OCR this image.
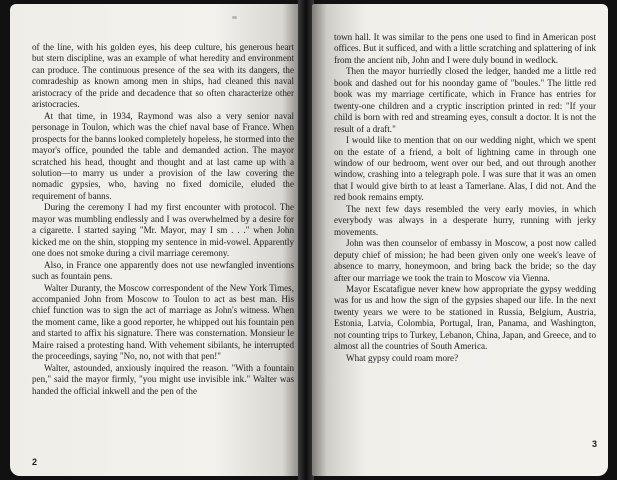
of the line, with his golden eyes, his deep culture, his generous heart but stern discipline, was an example of what heredity and environment can produce. The continuous presence of the sea with its dangers, the comradeship as known among men in ships, had cleaned this naval aristocracy of the pride and decadence that so often characterize other aristocracies.

At that time, in 1934, Raymond was also a very senior naval personage in Toulon, which was the chief naval base of France. When prospects for the banns looked completely hopeless, he stormed into the mayor's office, pounded the table and demanded action. The mayor scratched his head, thought and thought and at last came up with a solution—to marry us under a provision of the law covering the nomadic gypsies, who, having no fixed domicile, eluded the requirement of banns.

During the ceremony I had my first encounter with protocol. The mayor was mumbling endlessly and I was overwhelmed by a desire for a cigarette. I started saying "Mr. Mayor, may I sm . . ." when John kicked me on the shin, stopping my sentence in mid-vowel. Apparently one does not smoke during a civil marriage ceremony.

Also, in France one apparently does not use newfangled inventions such as fountain pens.

Walter Duranty, the Moscow correspondent of the New York Times, accompanied John from Moscow to Toulon to act as best man. His chief function was to sign the act of marriage as John's witness. When the moment came, like a good reporter, he whipped out his fountain pen and started to affix his signature. There was consternation. Monsieur le Maire raised a protesting hand. With vehement sibilants, he interrupted the proceedings, saying "No, no, not with that pen!"

Walter, astounded, anxiously inquired the reason. "With a fountain pen," said the mayor firmly, "you might use invisible ink." Walter was handed the official inkwell and the pen of the

2

town hall. It was similar to the pens one used to find in American post offices. But it sufficed, and with a little scratching and splattering of ink from the ancient nib, John and I were duly bound in wedlock.

Then the mayor hurriedly closed the ledger, handed me a little red book and dashed out for his noonday game of "boules." The little red book was my marriage certificate, which in France has entries for twenty-one children and a cryptic inscription printed in red: "If your child is born with red and streaming eyes, consult a doctor. It is not the result of a draft."

I would like to mention that on our wedding night, which we spent on the estate of a friend, a bolt of lightning came in through one window of our bedroom, went over our bed, and out through another window, crashing into a telegraph pole. I was sure that it was an omen that I would give birth to at least a Tamerlane. Alas, I did not. And the red book remains empty.

The next few days resembled the very early movies, in which everybody was always in a desperate hurry, running with jerky movements.

John was then counselor of embassy in Moscow, a post now called deputy chief of mission; he had been given only one week's leave of absence to marry, honeymoon, and bring back the bride; so the day after our marriage we took the train to Moscow via Vienna.

Mayor Escatafigue never knew how appropriate the gypsy wedding was for us and how the sign of the gypsies shaped our life. In the next twenty years we were to be stationed in Russia, Belgium, Austria, Estonia, Latvia, Colombia, Portugal, Iran, Panama, and Washington, not counting trips to Turkey, Lebanon, China, Japan, and Greece, and to almost all the countries of South America.

What gypsy could roam more?

3
